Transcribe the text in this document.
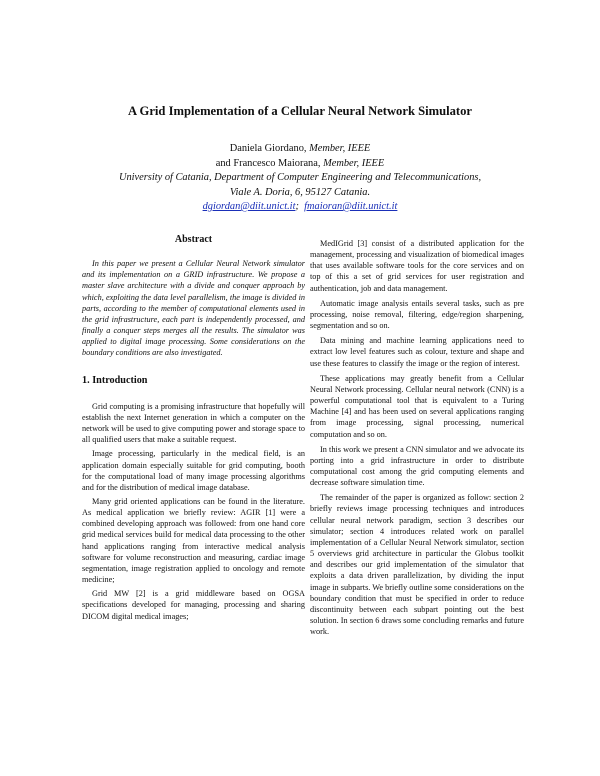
A Grid Implementation of a Cellular Neural Network Simulator
Daniela Giordano, Member, IEEE
and Francesco Maiorana, Member, IEEE
University of Catania, Department of Computer Engineering and Telecommunications,
Viale A. Doria, 6, 95127 Catania.
dgiordan@diit.unict.it; fmaioran@diit.unict.it
Abstract

In this paper we present a Cellular Neural Network simulator and its implementation on a GRID infrastructure. We propose a master slave architecture with a divide and conquer approach by which, exploiting the data level parallelism, the image is divided in parts, according to the member of computational elements used in the grid infrastructure, each part is independently processed, and finally a conquer steps merges all the results. The simulator was applied to digital image processing. Some considerations on the boundary conditions are also investigated.

1. Introduction

Grid computing is a promising infrastructure that hopefully will establish the next Internet generation in which a computer on the network will be used to give computing power and storage space to all qualified users that make a suitable request.

Image processing, particularly in the medical field, is an application domain especially suitable for grid computing, booth for the computational load of many image processing algorithms and for the distribution of medical image database.

Many grid oriented applications can be found in the literature. As medical application we briefly review: AGIR [1] were a combined developing approach was followed: from one hand core grid medical services build for medical data processing to the other hand applications ranging from interactive medical analysis software for volume reconstruction and measuring, cardiac image segmentation, image registration applied to oncology and remote medicine;

Grid MW [2] is a grid middleware based on OGSA specifications developed for managing, processing and sharing DICOM digital medical images;

MedIGrid [3] consist of a distributed application for the management, processing and visualization of biomedical images that uses available software tools for the core services and on top of this a set of grid services for user registration and authentication, job and data management.

Automatic image analysis entails several tasks, such as pre processing, noise removal, filtering, edge/region sharpening, segmentation and so on.

Data mining and machine learning applications need to extract low level features such as colour, texture and shape and use these features to classify the image or the region of interest.

These applications may greatly benefit from a Cellular Neural Network processing. Cellular neural network (CNN) is a powerful computational tool that is equivalent to a Turing Machine [4] and has been used on several applications ranging from image processing, signal processing, numerical computation and so on.

In this work we present a CNN simulator and we advocate its porting into a grid infrastructure in order to distribute computational cost among the grid computing elements and decrease software simulation time.

The remainder of the paper is organized as follow: section 2 briefly reviews image processing techniques and introduces cellular neural network paradigm, section 3 describes our simulator; section 4 introduces related work on parallel implementation of a Cellular Neural Network simulator, section 5 overviews grid architecture in particular the Globus toolkit and describes our grid implementation of the simulator that exploits a data driven parallelization, by dividing the input image in subparts. We briefly outline some considerations on the boundary condition that must be specified in order to reduce discontinuity between each subpart pointing out the best solution. In section 6 draws some concluding remarks and future work.
